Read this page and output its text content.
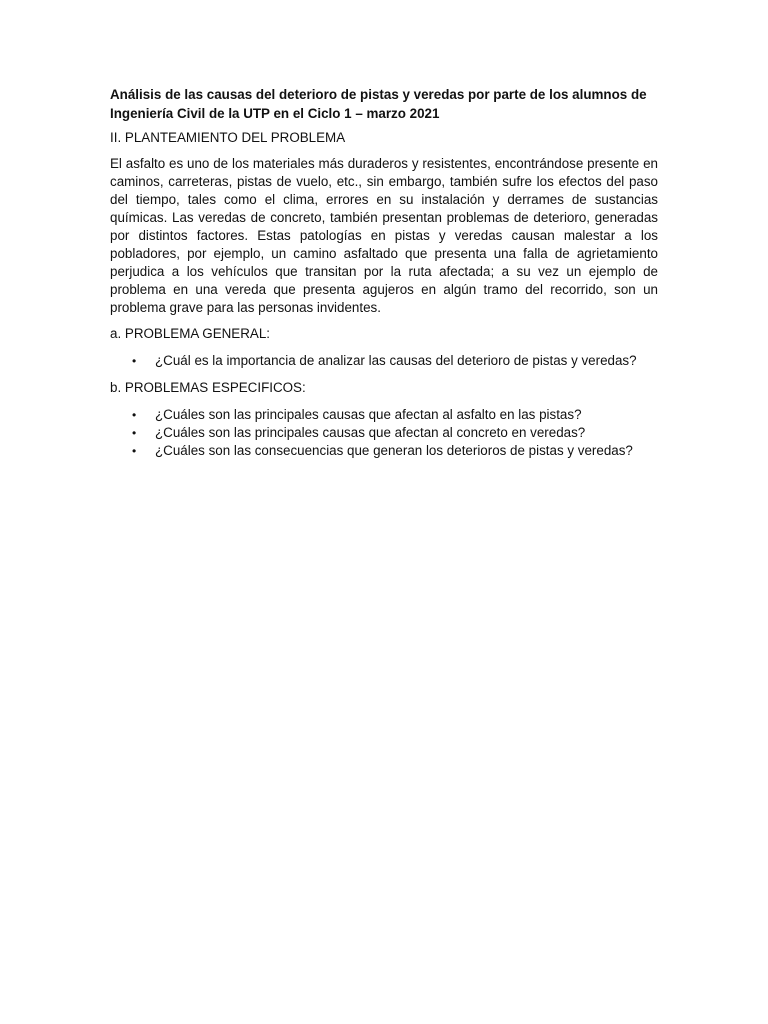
Análisis de las causas del deterioro de pistas y veredas por parte de los alumnos de Ingeniería Civil de la UTP en el Ciclo 1 – marzo 2021

II. PLANTEAMIENTO DEL PROBLEMA

El asfalto es uno de los materiales más duraderos y resistentes, encontrándose presente en caminos, carreteras, pistas de vuelo, etc., sin embargo, también sufre los efectos del paso del tiempo, tales como el clima, errores en su instalación y derrames de sustancias químicas. Las veredas de concreto, también presentan problemas de deterioro, generadas por distintos factores. Estas patologías en pistas y veredas causan malestar a los pobladores, por ejemplo, un camino asfaltado que presenta una falla de agrietamiento perjudica a los vehículos que transitan por la ruta afectada; a su vez un ejemplo de problema en una vereda que presenta agujeros en algún tramo del recorrido, son un problema grave para las personas invidentes.

a. PROBLEMA GENERAL:

• ¿Cuál es la importancia de analizar las causas del deterioro de pistas y veredas?

b. PROBLEMAS ESPECIFICOS:

• ¿Cuáles son las principales causas que afectan al asfalto en las pistas?
• ¿Cuáles son las principales causas que afectan al concreto en veredas?
• ¿Cuáles son las consecuencias que generan los deterioros de pistas y veredas?
